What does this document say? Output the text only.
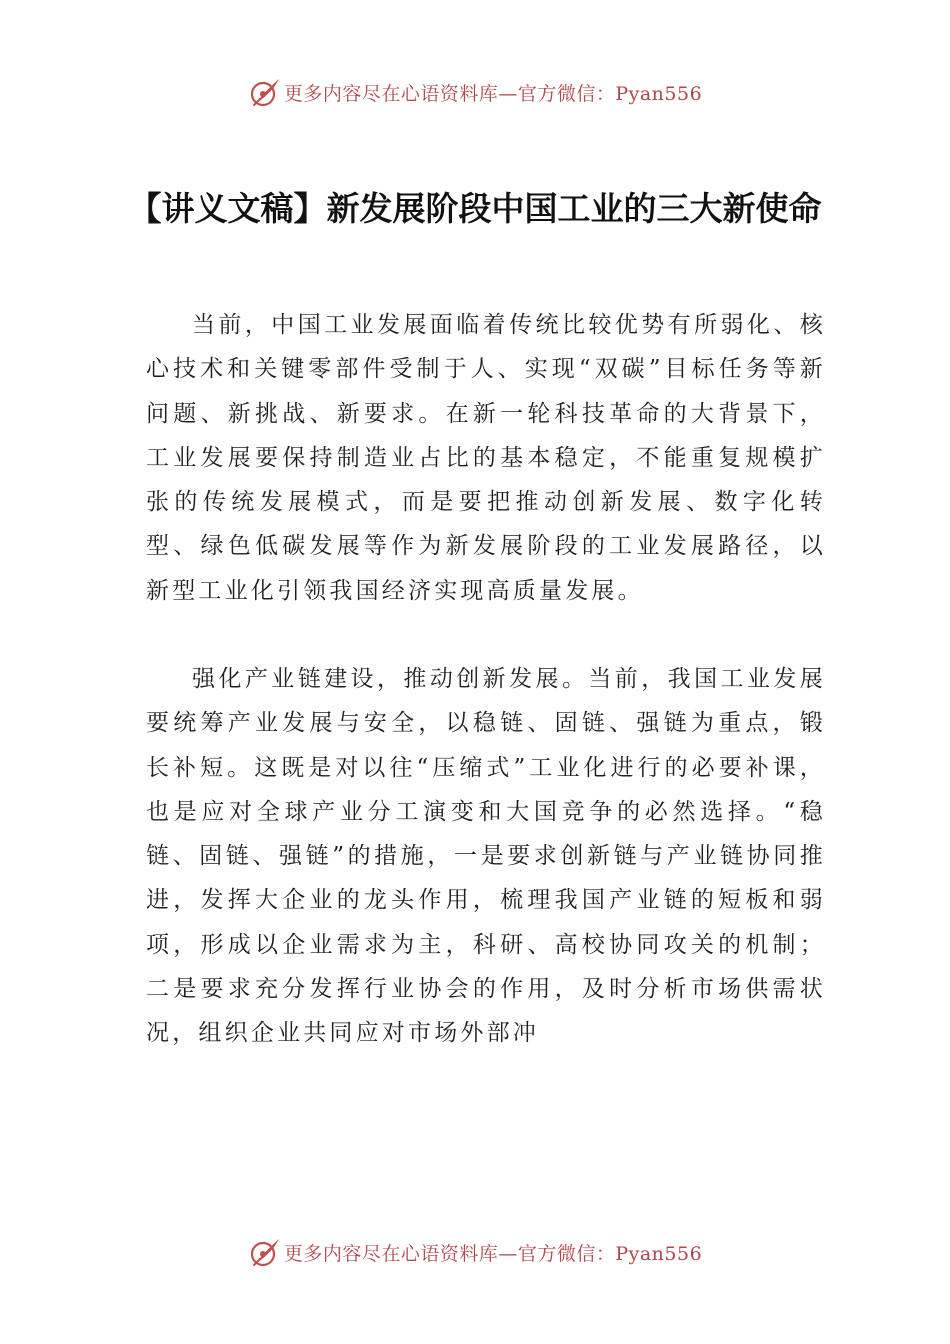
更多内容尽在心语资料库—官方微信：Pyan556
【讲义文稿】新发展阶段中国工业的三大新使命

当前，中国工业发展面临着传统比较优势有所弱化、核心技术和关键零部件受制于人、实现“双碳”目标任务等新问题、新挑战、新要求。在新一轮科技革命的大背景下，工业发展要保持制造业占比的基本稳定，不能重复规模扩张的传统发展模式，而是要把推动创新发展、数字化转型、绿色低碳发展等作为新发展阶段的工业发展路径，以新型工业化引领我国经济实现高质量发展。

强化产业链建设，推动创新发展。当前，我国工业发展要统筹产业发展与安全，以稳链、固链、强链为重点，锻长补短。这既是对以往“压缩式”工业化进行的必要补课，也是应对全球产业分工演变和大国竞争的必然选择。“稳链、固链、强链”的措施，一是要求创新链与产业链协同推进，发挥大企业的龙头作用，梳理我国产业链的短板和弱项，形成以企业需求为主，科研、高校协同攻关的机制；二是要求充分发挥行业协会的作用，及时分析市场供需状况，组织企业共同应对市场外部冲

更多内容尽在心语资料库—官方微信：Pyan556
